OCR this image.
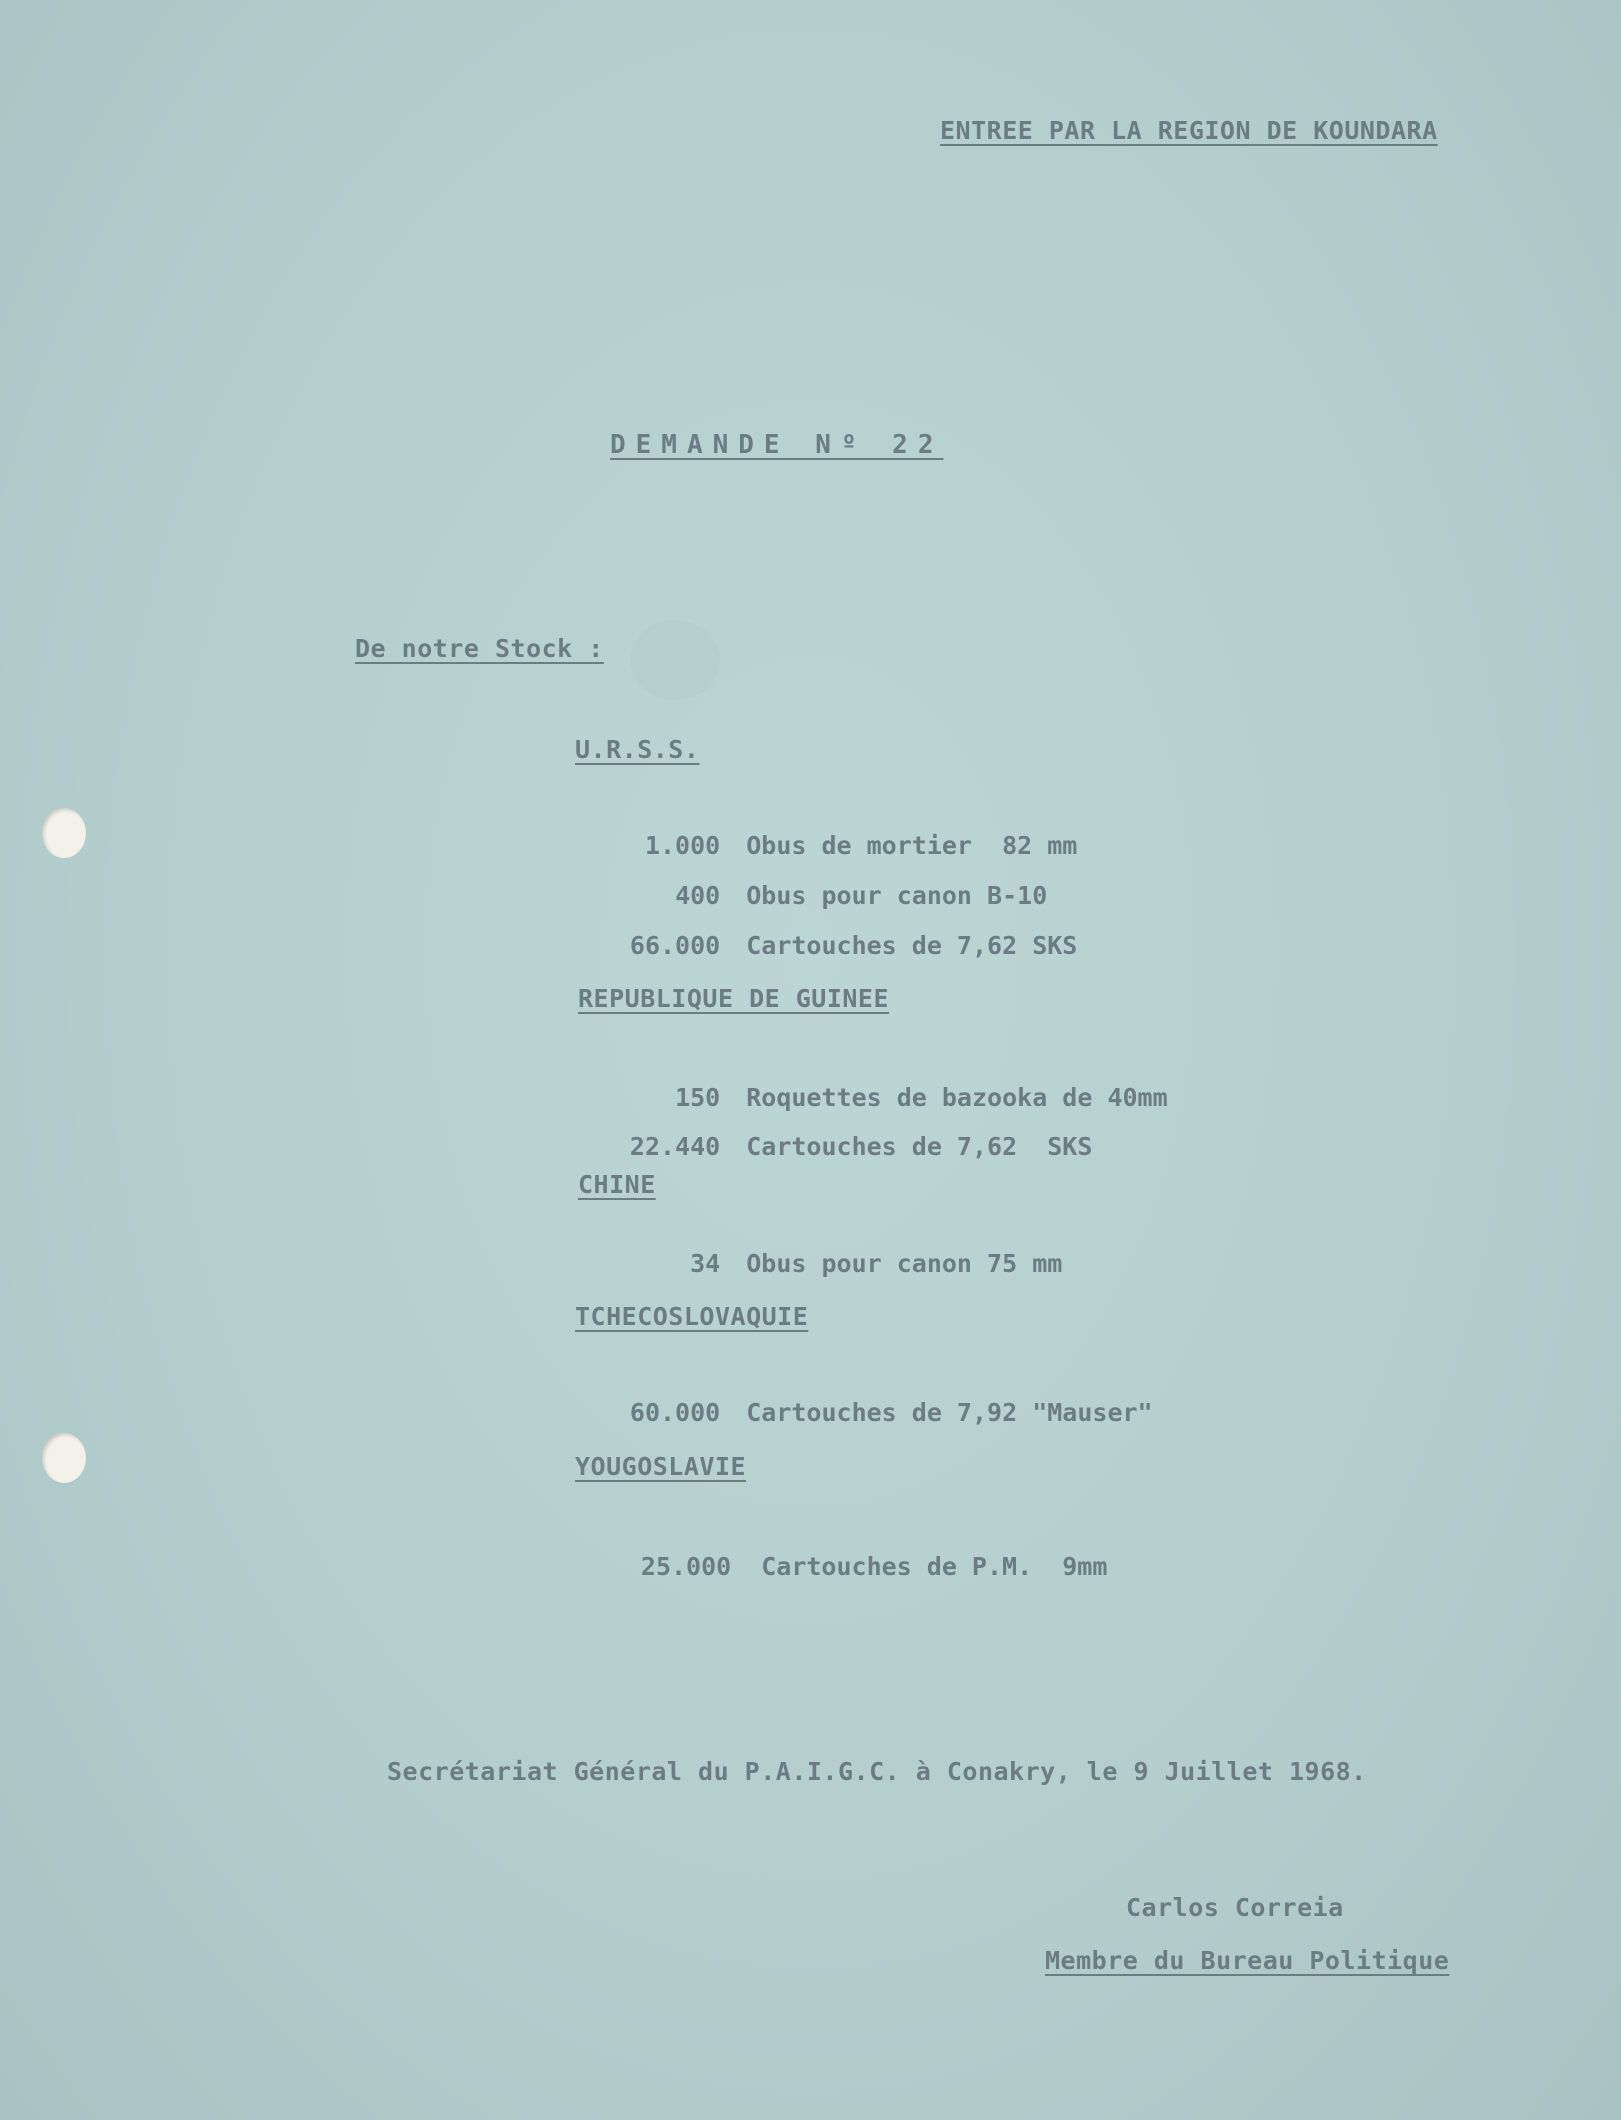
ENTREE PAR LA REGION DE KOUNDARA
DEMANDE Nº 22
De notre Stock :
U.R.S.S.

1.000 Obus de mortier  82 mm

400 Obus pour canon B-10

66.000 Cartouches de 7,62 SKS

REPUBLIQUE DE GUINEE

150 Roquettes de bazooka de 40mm

22.440 Cartouches de 7,62  SKS

CHINE

34 Obus pour canon 75 mm

TCHECOSLOVAQUIE

60.000 Cartouches de 7,92 "Mauser"

YOUGOSLAVIE

25.000 Cartouches de P.M.  9mm

Secrétariat Général du P.A.I.G.C. à Conakry, le 9 Juillet 1968.
Carlos Correia
Membre du Bureau Politique
